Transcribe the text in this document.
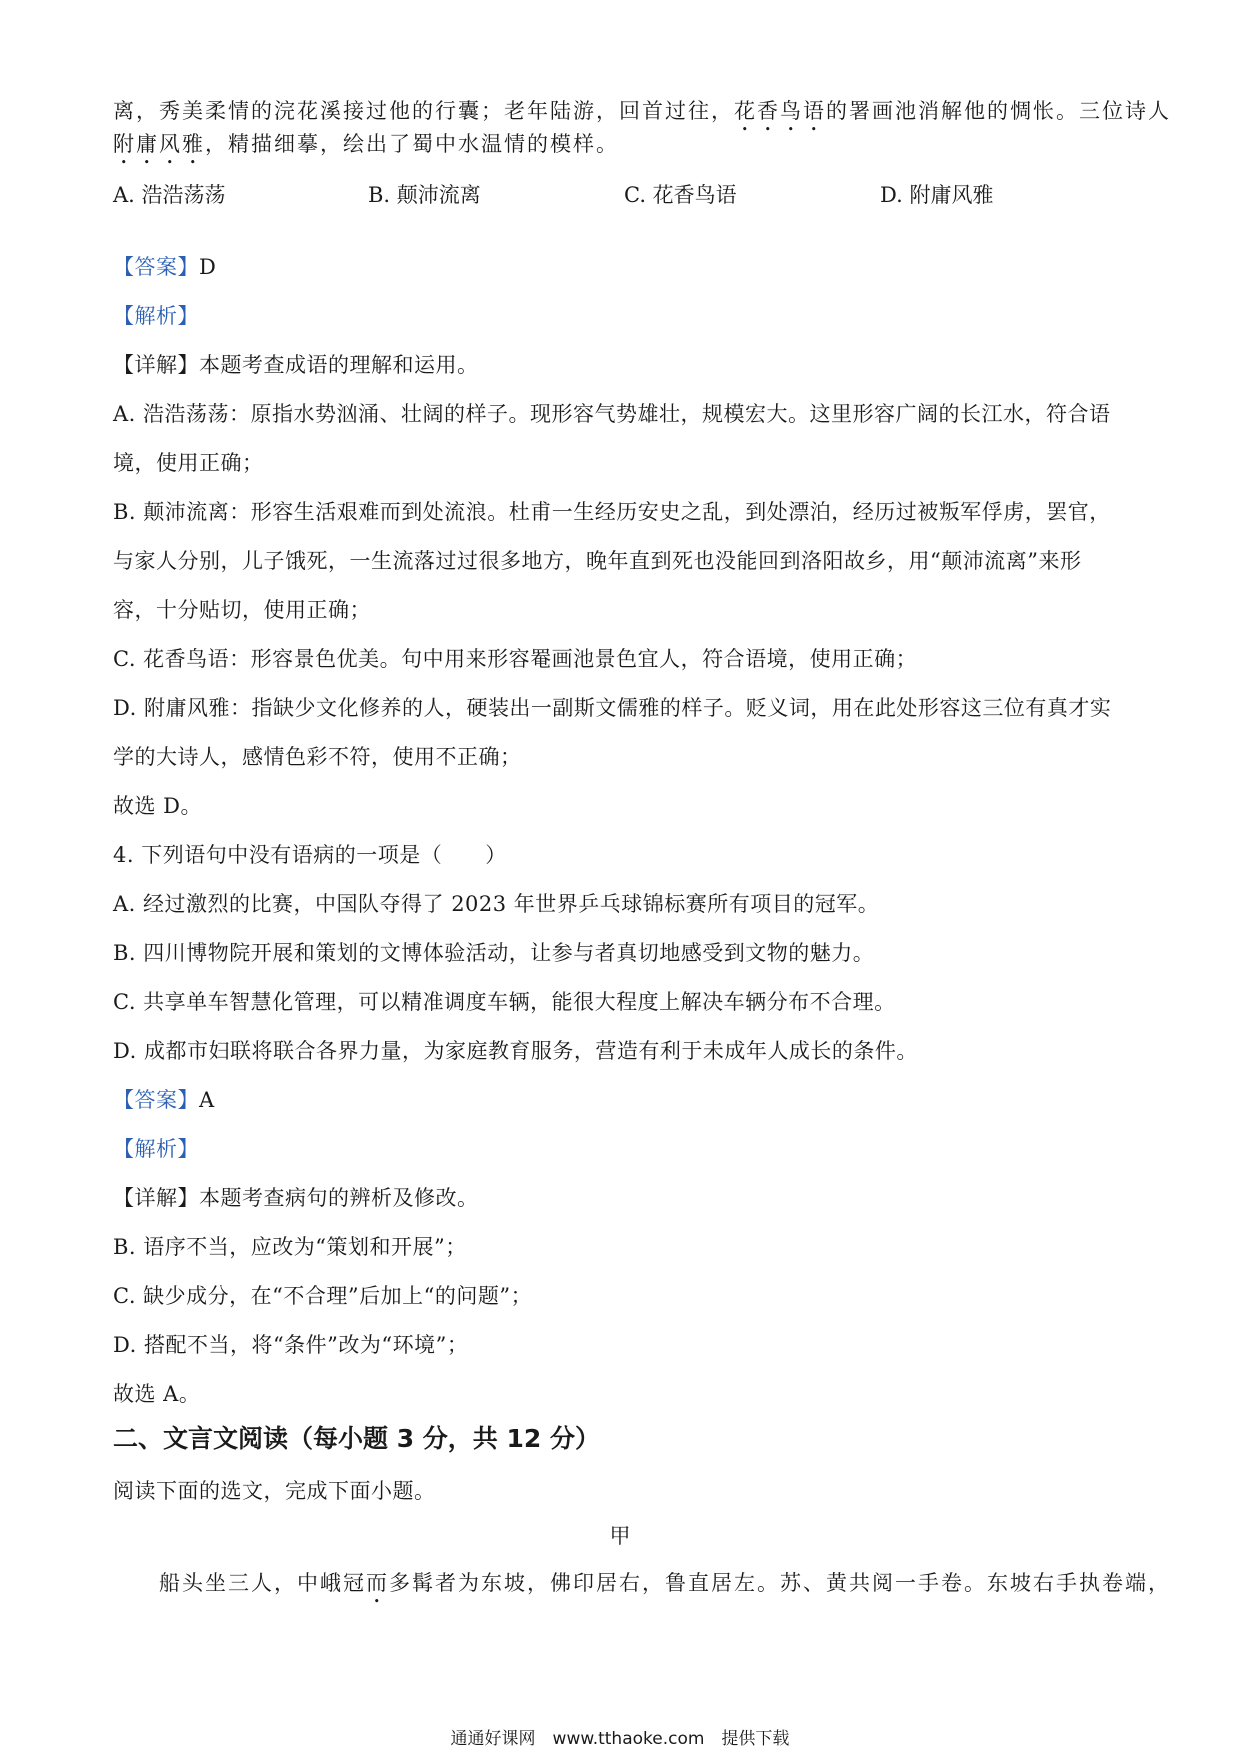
离，秀美柔情的浣花溪接过他的行囊；老年陆游，回首过往，花香鸟语的署画池消解他的惆怅。三位诗人
附庸风雅，精描细摹，绘出了蜀中水温情的模样。
A. 浩浩荡荡	B. 颠沛流离	C. 花香鸟语	D. 附庸风雅
【答案】D
【解析】
【详解】本题考查成语的理解和运用。
A. 浩浩荡荡：原指水势汹涌、壮阔的样子。现形容气势雄壮，规模宏大。这里形容广阔的长江水，符合语
境，使用正确；
B. 颠沛流离：形容生活艰难而到处流浪。杜甫一生经历安史之乱，到处漂泊，经历过被叛军俘虏，罢官，
与家人分别，儿子饿死，一生流落过过很多地方，晚年直到死也没能回到洛阳故乡，用“颠沛流离”来形
容，十分贴切，使用正确；
C. 花香鸟语：形容景色优美。句中用来形容罨画池景色宜人，符合语境，使用正确；
D. 附庸风雅：指缺少文化修养的人，硬装出一副斯文儒雅的样子。贬义词，用在此处形容这三位有真才实
学的大诗人，感情色彩不符，使用不正确；
故选 D。
4. 下列语句中没有语病的一项是（　　）
A. 经过激烈的比赛，中国队夺得了 2023 年世界乒乓球锦标赛所有项目的冠军。
B. 四川博物院开展和策划的文博体验活动，让参与者真切地感受到文物的魅力。
C. 共享单车智慧化管理，可以精准调度车辆，能很大程度上解决车辆分布不合理。
D. 成都市妇联将联合各界力量，为家庭教育服务，营造有利于未成年人成长的条件。
【答案】A
【解析】
【详解】本题考查病句的辨析及修改。
B. 语序不当，应改为“策划和开展”；
C. 缺少成分，在“不合理”后加上“的问题”；
D. 搭配不当，将“条件”改为“环境”；
故选 A。
二、文言文阅读（每小题 3 分，共 12 分）
阅读下面的选文，完成下面小题。
甲
船头坐三人，中峨冠而多髯者为东坡，佛印居右，鲁直居左。苏、黄共阅一手卷。东坡右手执卷端，
通通好课网　www.tthaoke.com　提供下载
